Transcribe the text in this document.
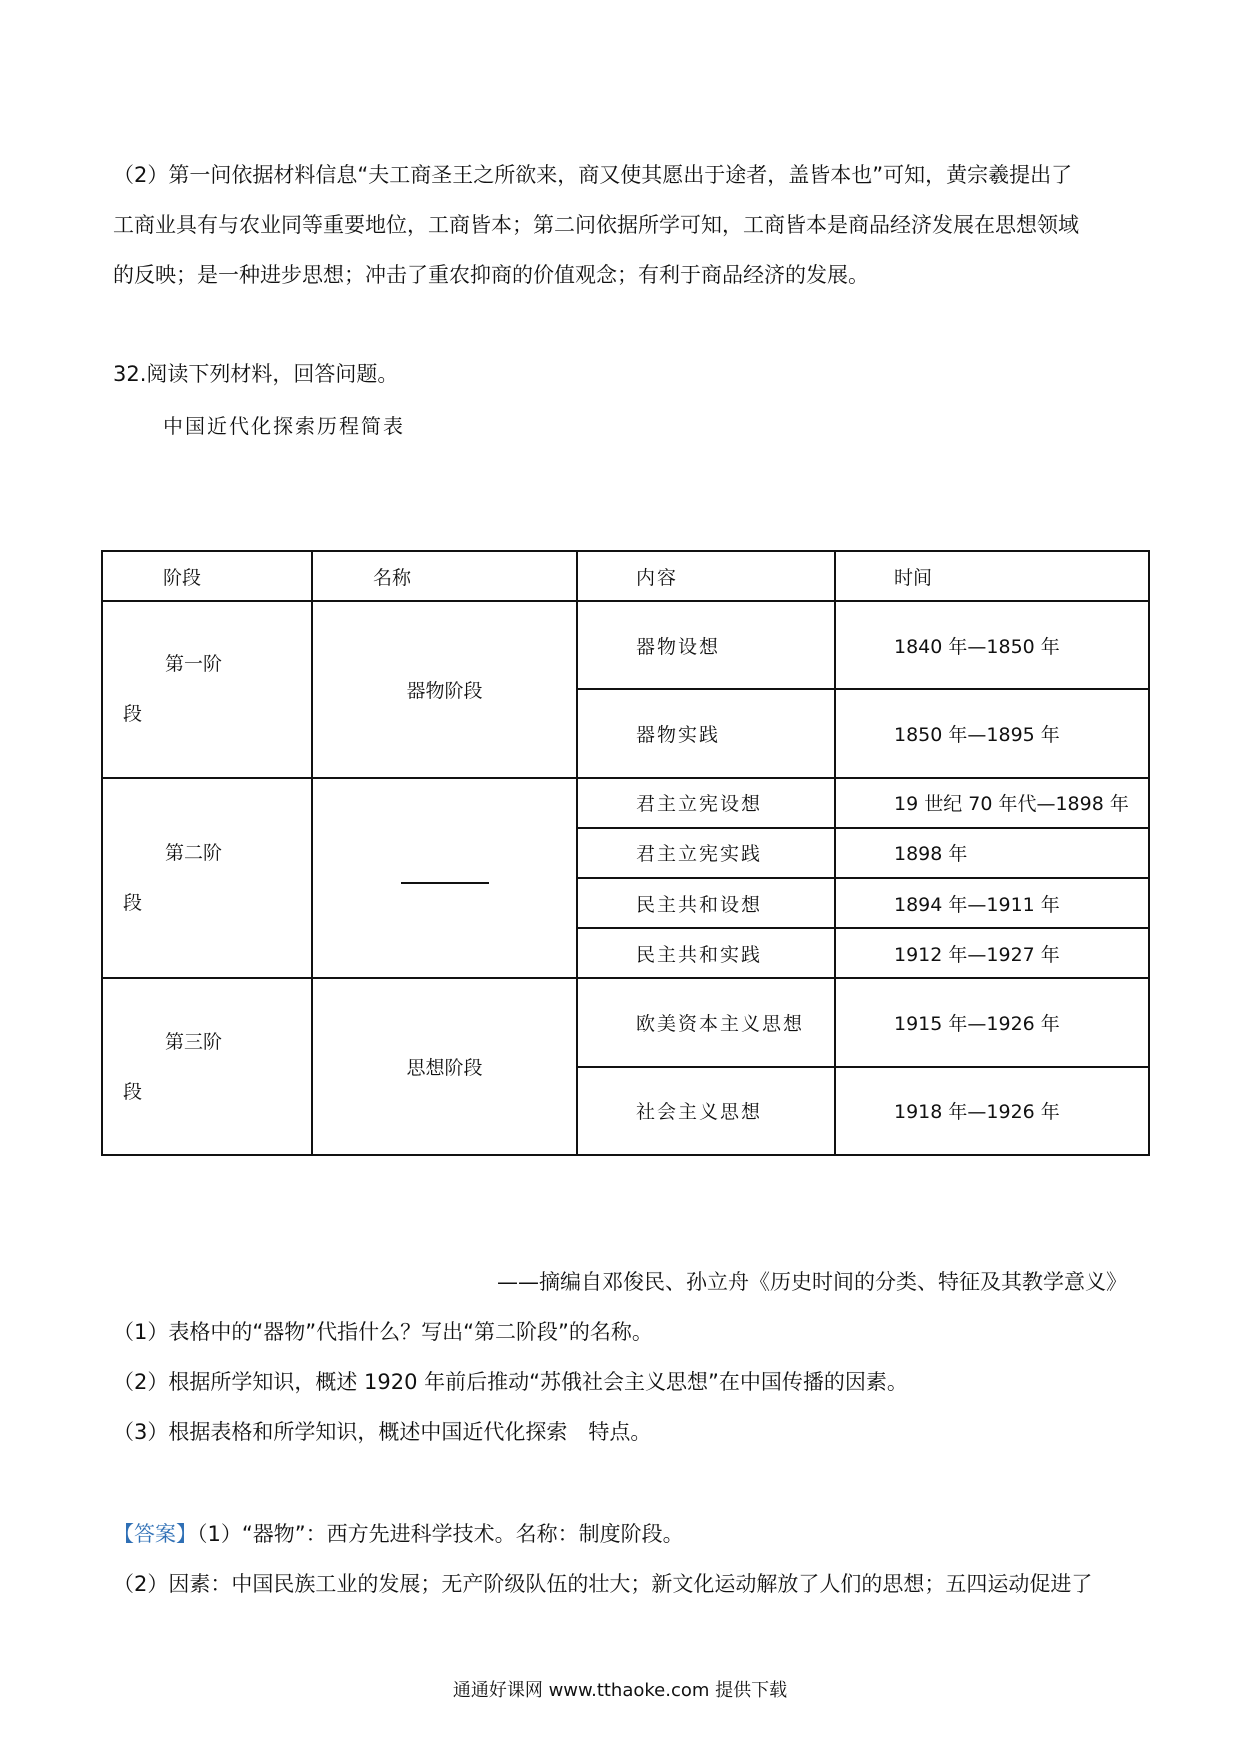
（2）第一问依据材料信息“夫工商圣王之所欲来，商又使其愿出于途者，盖皆本也”可知，黄宗羲提出了
工商业具有与农业同等重要地位，工商皆本；第二问依据所学可知，工商皆本是商品经济发展在思想领域
的反映；是一种进步思想；冲击了重农抑商的价值观念；有利于商品经济的发展。
32.阅读下列材料，回答问题。
中国近代化探索历程简表
阶段	名称	内容	时间

第一阶
段	器物阶段	器物设想	1840 年—1850 年
		器物实践	1850 年—1895 年

第二阶
段		君主立宪设想	19 世纪 70 年代—1898 年
		君主立宪实践	1898 年
		民主共和设想	1894 年—1911 年
		民主共和实践	1912 年—1927 年

第三阶
段	思想阶段	欧美资本主义思想	1915 年—1926 年
		社会主义思想	1918 年—1926 年
——摘编自邓俊民、孙立舟《历史时间的分类、特征及其教学意义》
（1）表格中的“器物”代指什么？写出“第二阶段”的名称。
（2）根据所学知识，概述 1920 年前后推动“苏俄社会主义思想”在中国传播的因素。
（3）根据表格和所学知识，概述中国近代化探索　特点。
【答案】（1）“器物”：西方先进科学技术。名称：制度阶段。
（2）因素：中国民族工业的发展；无产阶级队伍的壮大；新文化运动解放了人们的思想；五四运动促进了
通通好课网 www.tthaoke.com 提供下载
